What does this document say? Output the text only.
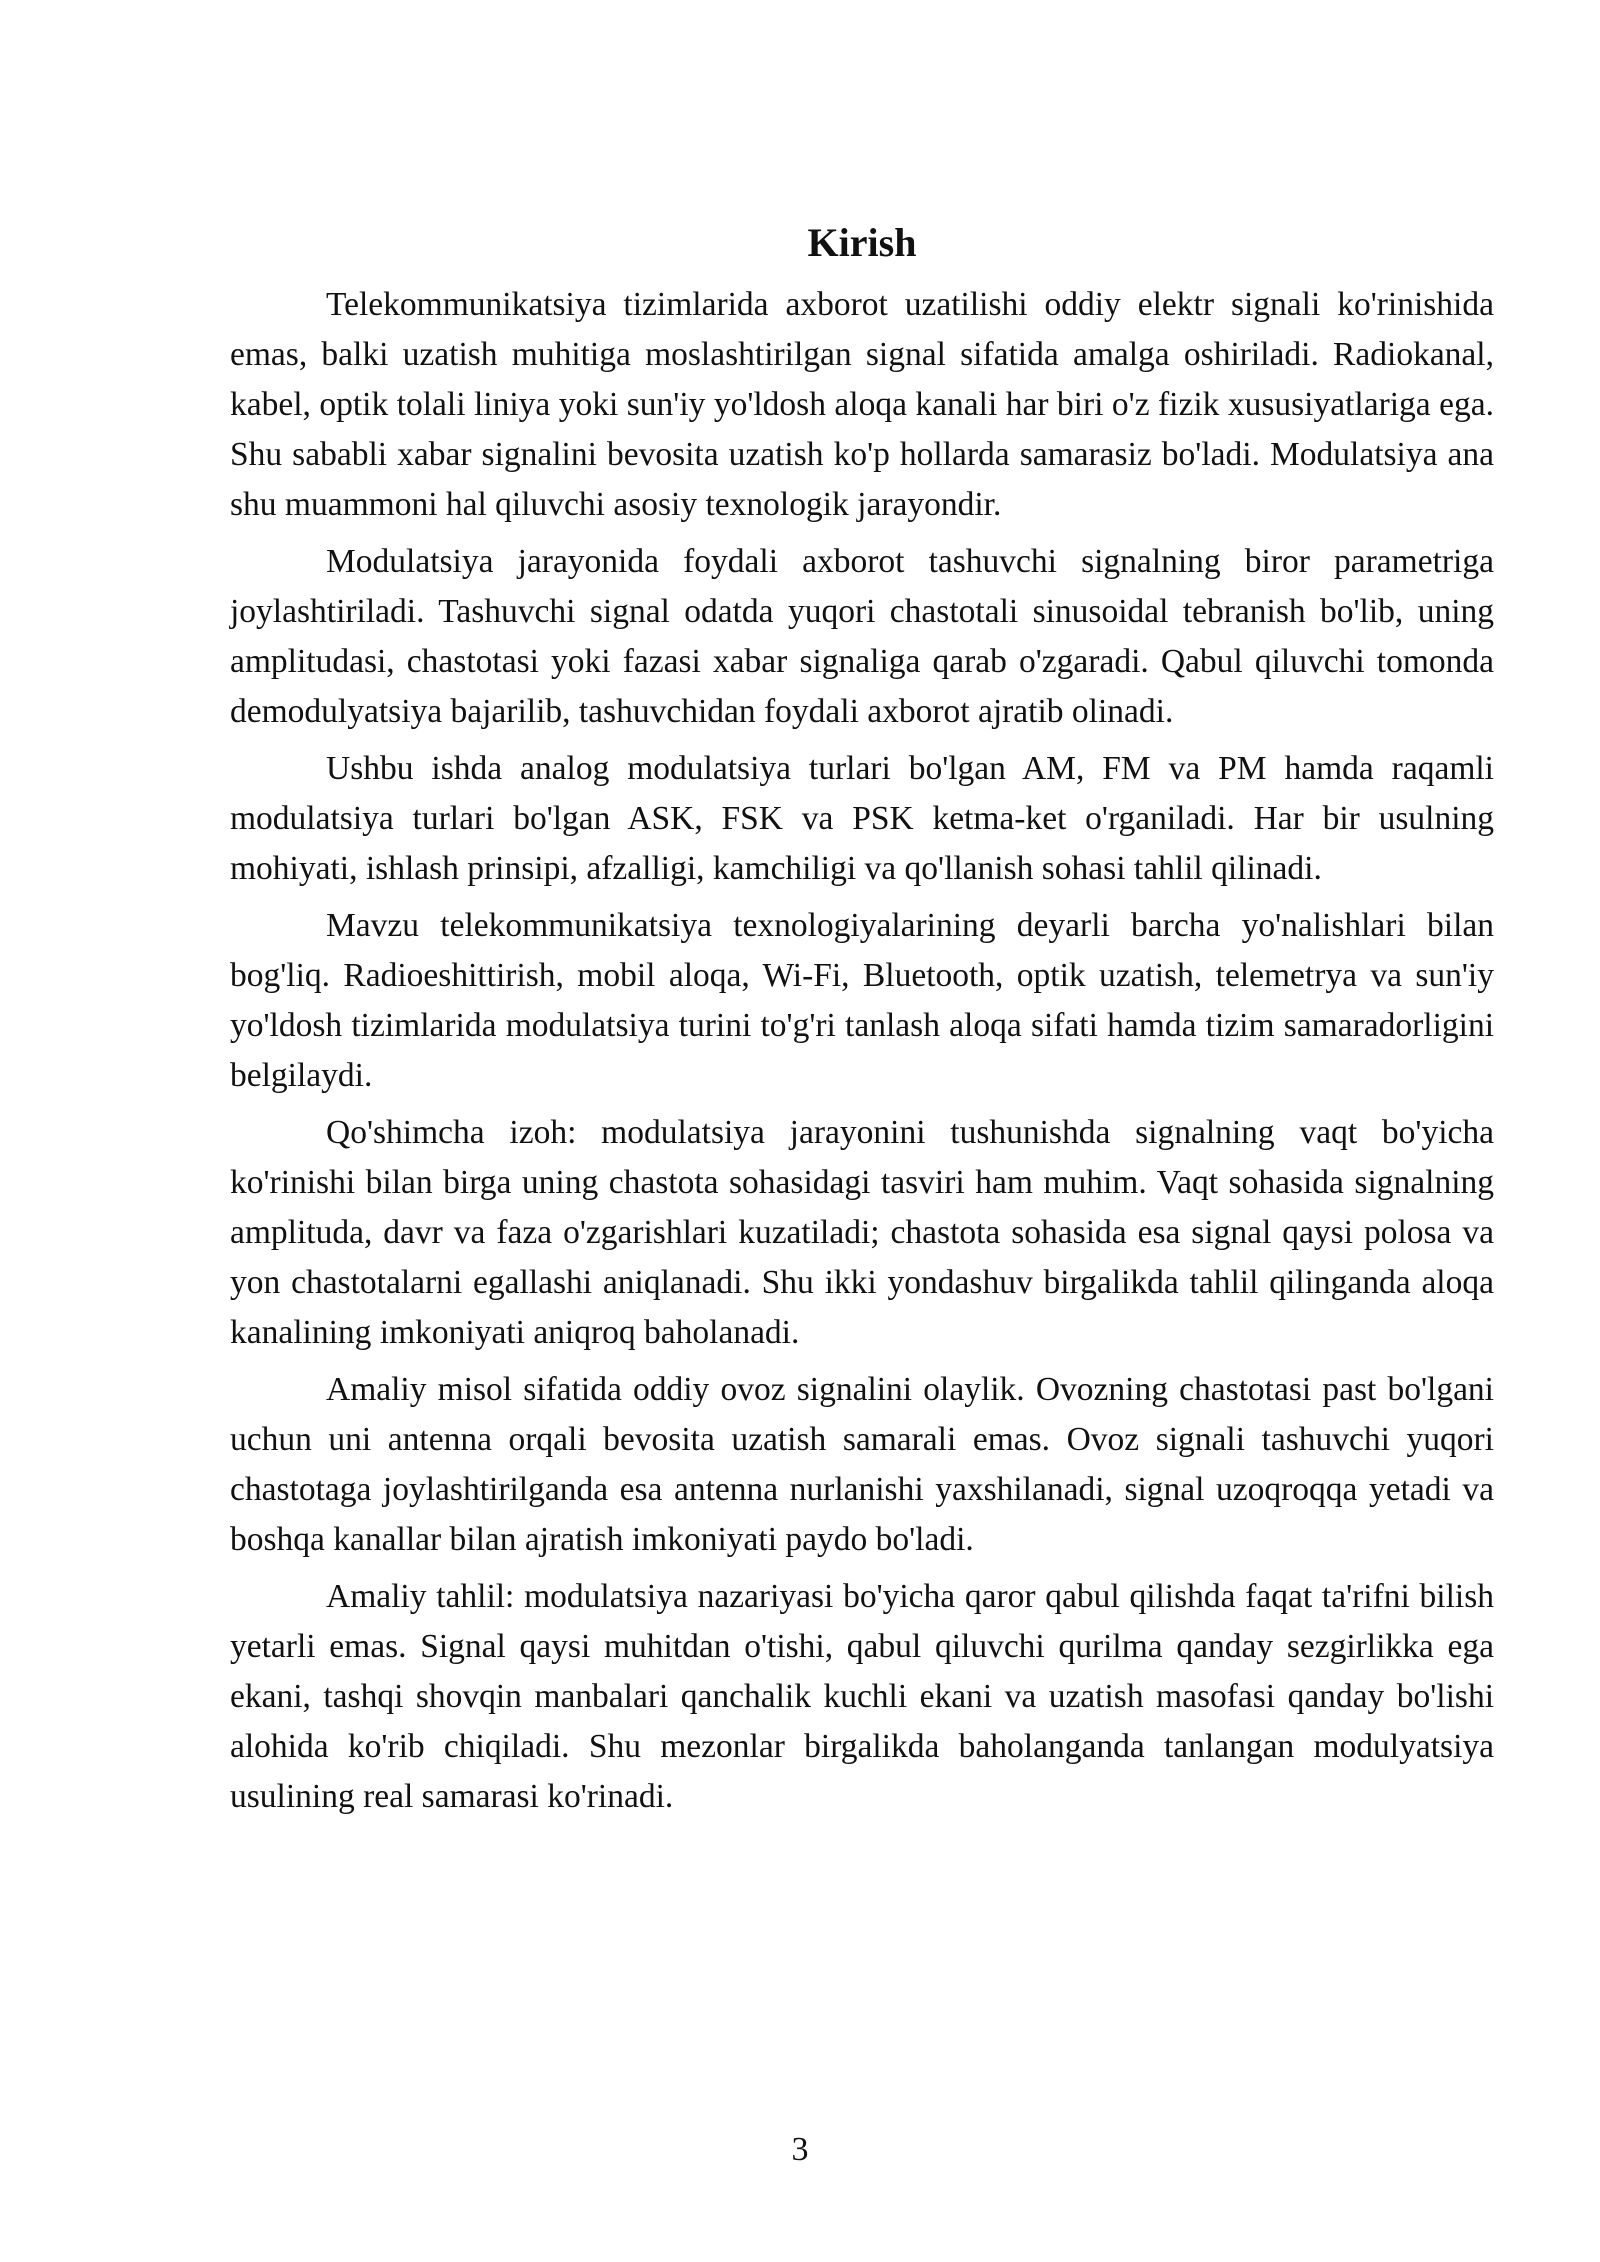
Kirish

Telekommunikatsiya tizimlarida axborot uzatilishi oddiy elektr signali ko'rinishida emas, balki uzatish muhitiga moslashtirilgan signal sifatida amalga oshiriladi. Radiokanal, kabel, optik tolali liniya yoki sun'iy yo'ldosh aloqa kanali har biri o'z fizik xususiyatlariga ega. Shu sababli xabar signalini bevosita uzatish ko'p hollarda samarasiz bo'ladi. Modulatsiya ana shu muammoni hal qiluvchi asosiy texnologik jarayondir.

Modulatsiya jarayonida foydali axborot tashuvchi signalning biror parametriga joylashtiriladi. Tashuvchi signal odatda yuqori chastotali sinusoidal tebranish bo'lib, uning amplitudasi, chastotasi yoki fazasi xabar signaliga qarab o'zgaradi. Qabul qiluvchi tomonda demodulyatsiya bajarilib, tashuvchidan foydali axborot ajratib olinadi.

Ushbu ishda analog modulatsiya turlari bo'lgan AM, FM va PM hamda raqamli modulatsiya turlari bo'lgan ASK, FSK va PSK ketma-ket o'rganiladi. Har bir usulning mohiyati, ishlash prinsipi, afzalligi, kamchiligi va qo'llanish sohasi tahlil qilinadi.

Mavzu telekommunikatsiya texnologiyalarining deyarli barcha yo'nalishlari bilan bog'liq. Radioeshittirish, mobil aloqa, Wi-Fi, Bluetooth, optik uzatish, telemetrya va sun'iy yo'ldosh tizimlarida modulatsiya turini to'g'ri tanlash aloqa sifati hamda tizim samaradorligini belgilaydi.

Qo'shimcha izoh: modulatsiya jarayonini tushunishda signalning vaqt bo'yicha ko'rinishi bilan birga uning chastota sohasidagi tasviri ham muhim. Vaqt sohasida signalning amplituda, davr va faza o'zgarishlari kuzatiladi; chastota sohasida esa signal qaysi polosa va yon chastotalarni egallashi aniqlanadi. Shu ikki yondashuv birgalikda tahlil qilinganda aloqa kanalining imkoniyati aniqroq baholanadi.

Amaliy misol sifatida oddiy ovoz signalini olaylik. Ovozning chastotasi past bo'lgani uchun uni antenna orqali bevosita uzatish samarali emas. Ovoz signali tashuvchi yuqori chastotaga joylashtirilganda esa antenna nurlanishi yaxshilanadi, signal uzoqroqqa yetadi va boshqa kanallar bilan ajratish imkoniyati paydo bo'ladi.

Amaliy tahlil: modulatsiya nazariyasi bo'yicha qaror qabul qilishda faqat ta'rifni bilish yetarli emas. Signal qaysi muhitdan o'tishi, qabul qiluvchi qurilma qanday sezgirlikka ega ekani, tashqi shovqin manbalari qanchalik kuchli ekani va uzatish masofasi qanday bo'lishi alohida ko'rib chiqiladi. Shu mezonlar birgalikda baholanganda tanlangan modulyatsiya usulining real samarasi ko'rinadi.

3
